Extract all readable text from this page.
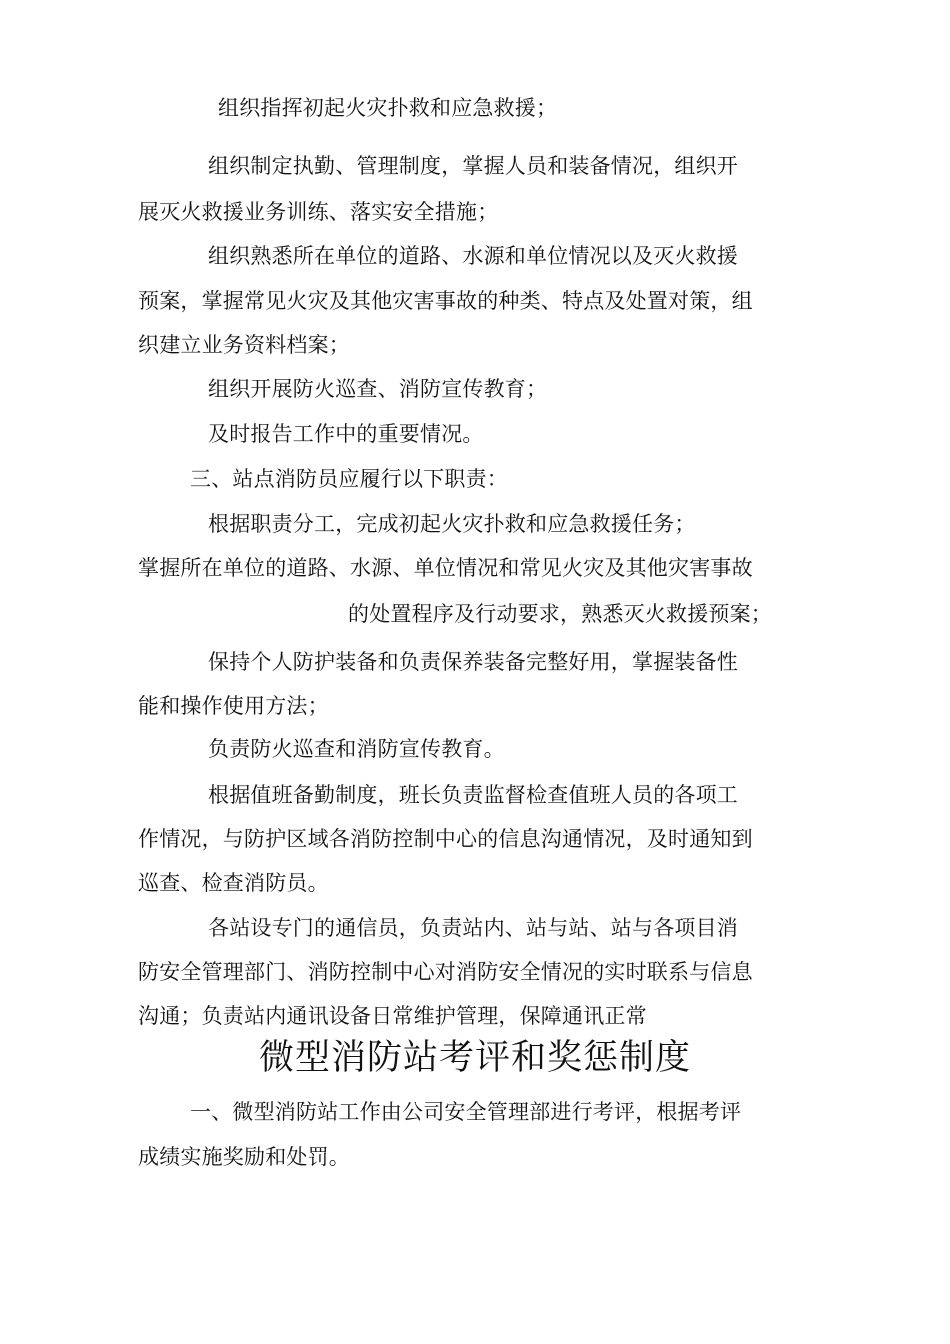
组织指挥初起火灾扑救和应急救援；
组织制定执勤、管理制度，掌握人员和装备情况，组织开
展灭火救援业务训练、落实安全措施；
组织熟悉所在单位的道路、水源和单位情况以及灭火救援
预案，掌握常见火灾及其他灾害事故的种类、特点及处置对策，组
织建立业务资料档案；
组织开展防火巡查、消防宣传教育；
及时报告工作中的重要情况。
三、站点消防员应履行以下职责：
根据职责分工，完成初起火灾扑救和应急救援任务；
掌握所在单位的道路、水源、单位情况和常见火灾及其他灾害事故
的处置程序及行动要求，熟悉灭火救援预案；
保持个人防护装备和负责保养装备完整好用，掌握装备性
能和操作使用方法；
负责防火巡查和消防宣传教育。
根据值班备勤制度，班长负责监督检查值班人员的各项工
作情况，与防护区域各消防控制中心的信息沟通情况，及时通知到
巡查、检查消防员。
各站设专门的通信员，负责站内、站与站、站与各项目消
防安全管理部门、消防控制中心对消防安全情况的实时联系与信息
沟通；负责站内通讯设备日常维护管理，保障通讯正常
微型消防站考评和奖惩制度
一、微型消防站工作由公司安全管理部进行考评，根据考评
成绩实施奖励和处罚。
